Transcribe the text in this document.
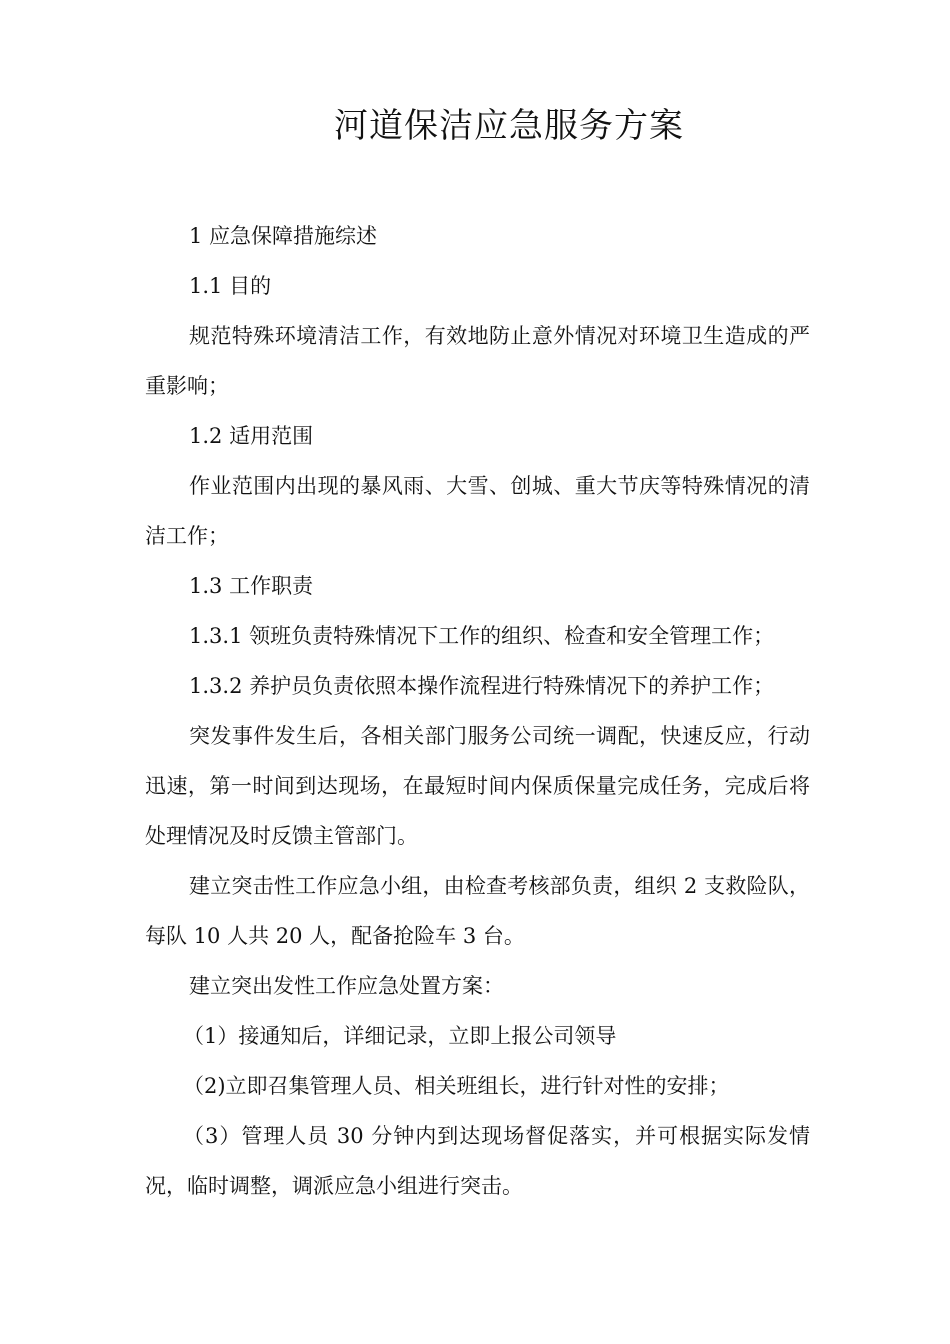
河道保洁应急服务方案

1 应急保障措施综述

1.1 目的

规范特殊环境清洁工作，有效地防止意外情况对环境卫生造成的严重影响；

1.2 适用范围

作业范围内出现的暴风雨、大雪、创城、重大节庆等特殊情况的清洁工作；

1.3 工作职责

1.3.1 领班负责特殊情况下工作的组织、检查和安全管理工作；

1.3.2 养护员负责依照本操作流程进行特殊情况下的养护工作；

突发事件发生后，各相关部门服务公司统一调配，快速反应，行动迅速，第一时间到达现场，在最短时间内保质保量完成任务，完成后将处理情况及时反馈主管部门。

建立突击性工作应急小组，由检查考核部负责，组织 2 支救险队，每队 10 人共 20 人，配备抢险车 3 台。

建立突出发性工作应急处置方案：

（1）接通知后，详细记录，立即上报公司领导

（2)立即召集管理人员、相关班组长，进行针对性的安排；

（3）管理人员 30 分钟内到达现场督促落实，并可根据实际发情况，临时调整，调派应急小组进行突击。
